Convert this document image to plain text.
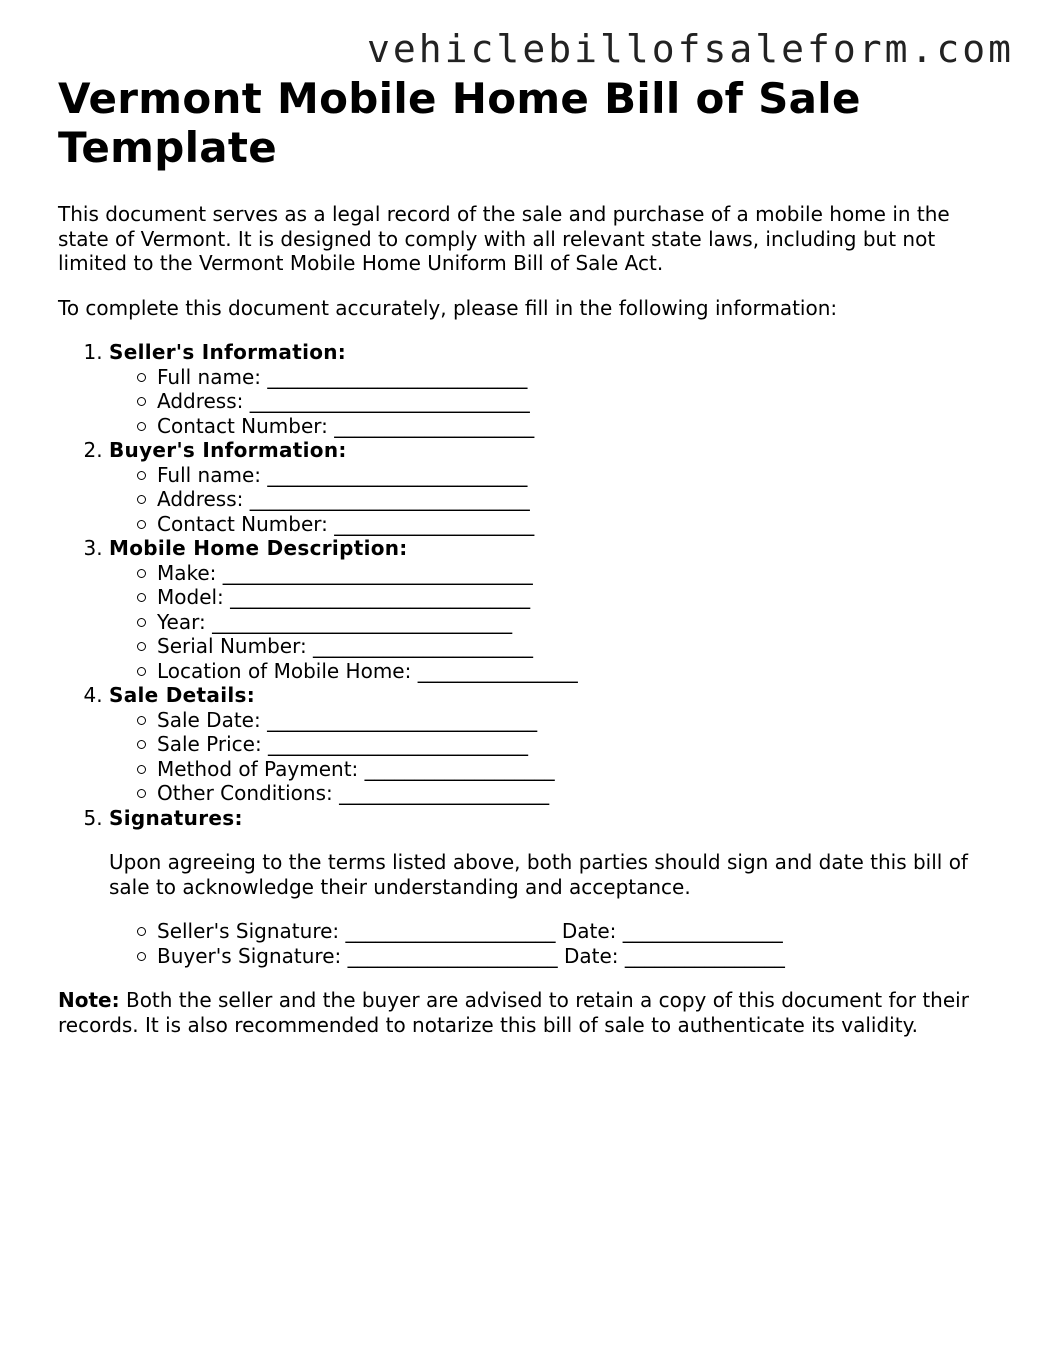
vehiclebillofsaleform.com
Vermont Mobile Home Bill of Sale Template

This document serves as a legal record of the sale and purchase of a mobile home in the state of Vermont. It is designed to comply with all relevant state laws, including but not limited to the Vermont Mobile Home Uniform Bill of Sale Act.

To complete this document accurately, please fill in the following information:

1. Seller's Information:
Full name: __________________________
Address: ____________________________
Contact Number: ____________________
2. Buyer's Information:
Full name: __________________________
Address: ____________________________
Contact Number: ____________________
3. Mobile Home Description:
Make: _______________________________
Model: ______________________________
Year: ______________________________
Serial Number: ______________________
Location of Mobile Home: ________________
4. Sale Details:
Sale Date: ___________________________
Sale Price: __________________________
Method of Payment: ___________________
Other Conditions: _____________________
5. Signatures:

Upon agreeing to the terms listed above, both parties should sign and date this bill of sale to acknowledge their understanding and acceptance.

Seller's Signature: _____________________ Date: ________________
Buyer's Signature: _____________________ Date: ________________

Note: Both the seller and the buyer are advised to retain a copy of this document for their records. It is also recommended to notarize this bill of sale to authenticate its validity.
